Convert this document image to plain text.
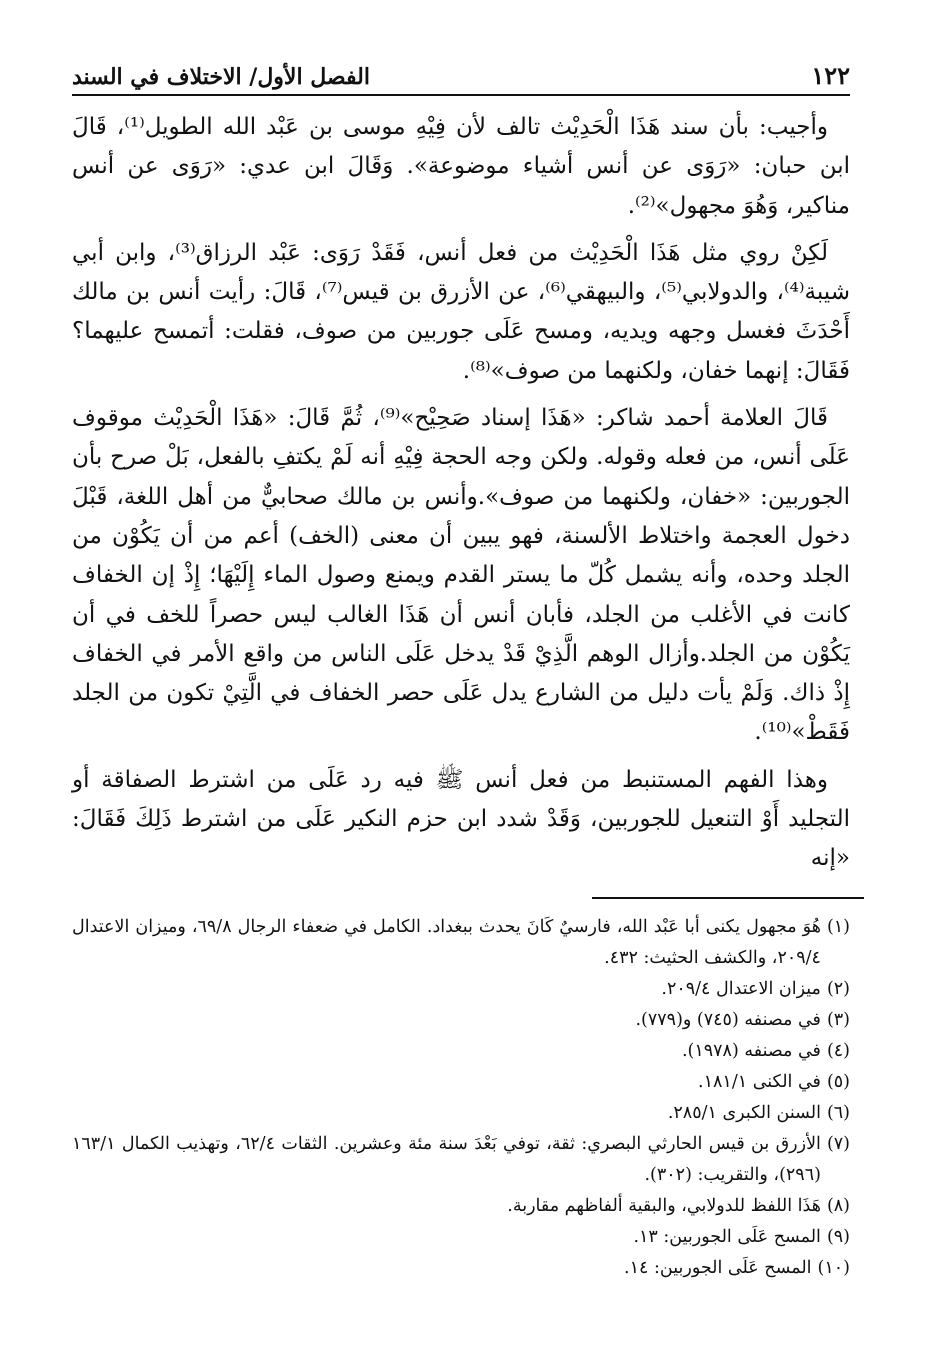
١٢٢
الفصل الأول/ الاختلاف في السند

وأجيب: بأن سند هَذَا الْحَدِيْث تالف لأن فِيْهِ موسى بن عَبْد الله الطويل⁽¹⁾، قَالَ ابن حبان: «رَوَى عن أنس أشياء موضوعة». وَقَالَ ابن عدي: «رَوَى عن أنس مناكير، وَهُوَ مجهول»⁽²⁾.

لَكِنْ روي مثل هَذَا الْحَدِيْث من فعل أنس، فَقَدْ رَوَى: عَبْد الرزاق⁽³⁾، وابن أبي شيبة⁽⁴⁾، والدولابي⁽⁵⁾، والبيهقي⁽⁶⁾، عن الأزرق بن قيس⁽⁷⁾، قَالَ: رأيت أنس بن مالك أَحْدَثَ فغسل وجهه ويديه، ومسح عَلَى جوربين من صوف، فقلت: أتمسح عليهما؟ فَقَالَ: إنهما خفان، ولكنهما من صوف»⁽⁸⁾.

قَالَ العلامة أحمد شاكر: «هَذَا إسناد صَحِيْح»⁽⁹⁾، ثُمَّ قَالَ: «هَذَا الْحَدِيْث موقوف عَلَى أنس، من فعله وقوله. ولكن وجه الحجة فِيْهِ أنه لَمْ يكتفِ بالفعل، بَلْ صرح بأن الجوربين: «خفان، ولكنهما من صوف».وأنس بن مالك صحابيٌّ من أهل اللغة، قَبْلَ دخول العجمة واختلاط الألسنة، فهو يبين أن معنى (الخف) أعم من أن يَكُوْن من الجلد وحده، وأنه يشمل كُلّ ما يستر القدم ويمنع وصول الماء إِلَيْهَا؛ إِذْ إن الخفاف كانت في الأغلب من الجلد، فأبان أنس أن هَذَا الغالب ليس حصراً للخف في أن يَكُوْن من الجلد.وأزال الوهم الَّذِيْ قَدْ يدخل عَلَى الناس من واقع الأمر في الخفاف إِذْ ذاك. وَلَمْ يأت دليل من الشارع يدل عَلَى حصر الخفاف في الَّتِيْ تكون من الجلد فَقَطْ»⁽¹⁰⁾.

وهذا الفهم المستنبط من فعل أنس ﷺ فيه رد عَلَى من اشترط الصفاقة أو التجليد أَوْ التنعيل للجوربين، وَقَدْ شدد ابن حزم النكير عَلَى من اشترط ذَلِكَ فَقَالَ: «إنه

(١)
هُوَ مجهول يكنى أبا عَبْد الله، فارسيٌ كَانَ يحدث ببغداد. الكامل في ضعفاء الرجال ٦٩/٨، وميزان الاعتدال ٢٠٩/٤، والكشف الحثيث: ٤٣٢.
(٢)
ميزان الاعتدال ٢٠٩/٤.
(٣)
في مصنفه (٧٤٥) و(٧٧٩).
(٤)
في مصنفه (١٩٧٨).
(٥)
في الكنى ١٨١/١.
(٦)
السنن الكبرى ٢٨٥/١.
(٧)
الأزرق بن قيس الحارثي البصري: ثقة، توفي بَعْدَ سنة مئة وعشرين. الثقات ٦٢/٤، وتهذيب الكمال ١٦٣/١ (٢٩٦)، والتقريب: (٣٠٢).
(٨)
هَذَا اللفظ للدولابي، والبقية ألفاظهم مقاربة.
(٩)
المسح عَلَى الجوربين: ١٣.
(١٠)
المسح عَلَى الجوربين: ١٤.
